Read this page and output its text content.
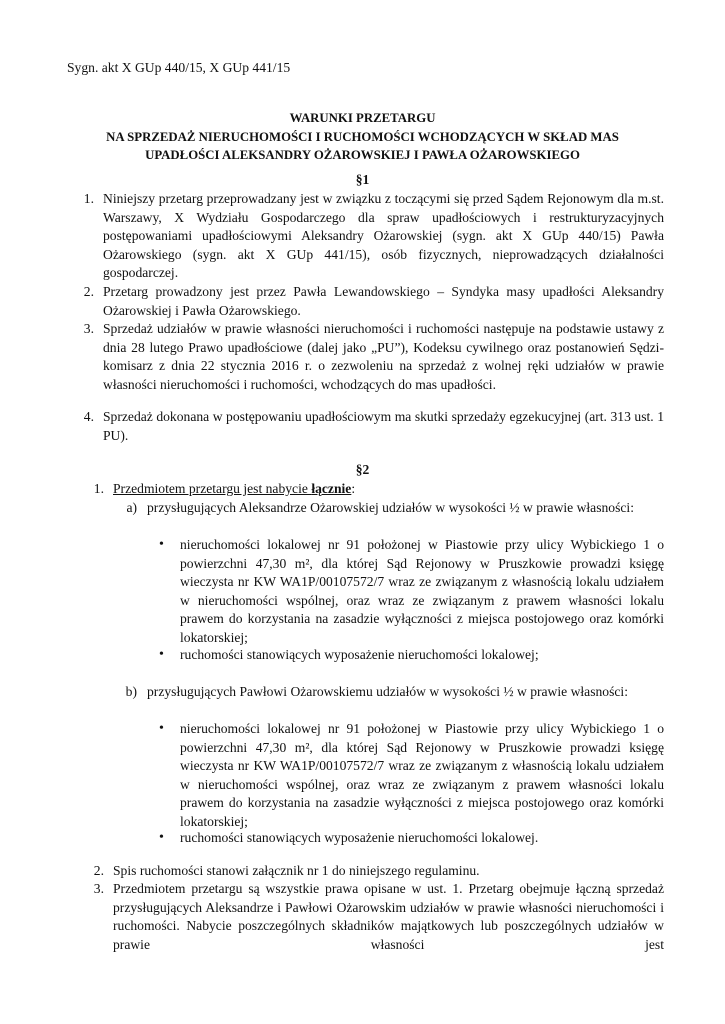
Sygn. akt X GUp 440/15, X GUp 441/15
WARUNKI PRZETARGU
NA SPRZEDAŻ NIERUCHOMOŚCI I RUCHOMOŚCI WCHODZĄCYCH W SKŁAD MAS
UPADŁOŚCI ALEKSANDRY OŻAROWSKIEJ I PAWŁA OŻAROWSKIEGO
§1
1. Niniejszy przetarg przeprowadzany jest w związku z toczącymi się przed Sądem Rejonowym dla m.st. Warszawy, X Wydziału Gospodarczego dla spraw upadłościowych i restrukturyzacyjnych postępowaniami upadłościowymi Aleksandry Ożarowskiej (sygn. akt X GUp 440/15) Pawła Ożarowskiego (sygn. akt X GUp 441/15), osób fizycznych, nieprowadzących działalności gospodarczej.
2. Przetarg prowadzony jest przez Pawła Lewandowskiego – Syndyka masy upadłości Aleksandry Ożarowskiej i Pawła Ożarowskiego.
3. Sprzedaż udziałów w prawie własności nieruchomości i ruchomości następuje na podstawie ustawy z dnia 28 lutego Prawo upadłościowe (dalej jako „PU”), Kodeksu cywilnego oraz postanowień Sędzi-komisarz z dnia 22 stycznia 2016 r. o zezwoleniu na sprzedaż z wolnej ręki udziałów w prawie własności nieruchomości i ruchomości, wchodzących do mas upadłości.
4. Sprzedaż dokonana w postępowaniu upadłościowym ma skutki sprzedaży egzekucyjnej (art. 313 ust. 1 PU).
§2
1. Przedmiotem przetargu jest nabycie łącznie:
a) przysługujących Aleksandrze Ożarowskiej udziałów w wysokości ½ w prawie własności:
• nieruchomości lokalowej nr 91 położonej w Piastowie przy ulicy Wybickiego 1 o powierzchni 47,30 m², dla której Sąd Rejonowy w Pruszkowie prowadzi księgę wieczysta nr KW WA1P/00107572/7 wraz ze związanym z własnością lokalu udziałem w nieruchomości wspólnej, oraz wraz ze związanym z prawem własności lokalu prawem do korzystania na zasadzie wyłączności z miejsca postojowego oraz komórki lokatorskiej;
• ruchomości stanowiących wyposażenie nieruchomości lokalowej;
b) przysługujących Pawłowi Ożarowskiemu udziałów w wysokości ½ w prawie własności:
• nieruchomości lokalowej nr 91 położonej w Piastowie przy ulicy Wybickiego 1 o powierzchni 47,30 m², dla której Sąd Rejonowy w Pruszkowie prowadzi księgę wieczysta nr KW WA1P/00107572/7 wraz ze związanym z własnością lokalu udziałem w nieruchomości wspólnej, oraz wraz ze związanym z prawem własności lokalu prawem do korzystania na zasadzie wyłączności z miejsca postojowego oraz komórki lokatorskiej;
• ruchomości stanowiących wyposażenie nieruchomości lokalowej.
2. Spis ruchomości stanowi załącznik nr 1 do niniejszego regulaminu.
3. Przedmiotem przetargu są wszystkie prawa opisane w ust. 1. Przetarg obejmuje łączną sprzedaż przysługujących Aleksandrze i Pawłowi Ożarowskim udziałów w prawie własności nieruchomości i ruchomości. Nabycie poszczególnych składników majątkowych lub poszczególnych udziałów w prawie własności jest
